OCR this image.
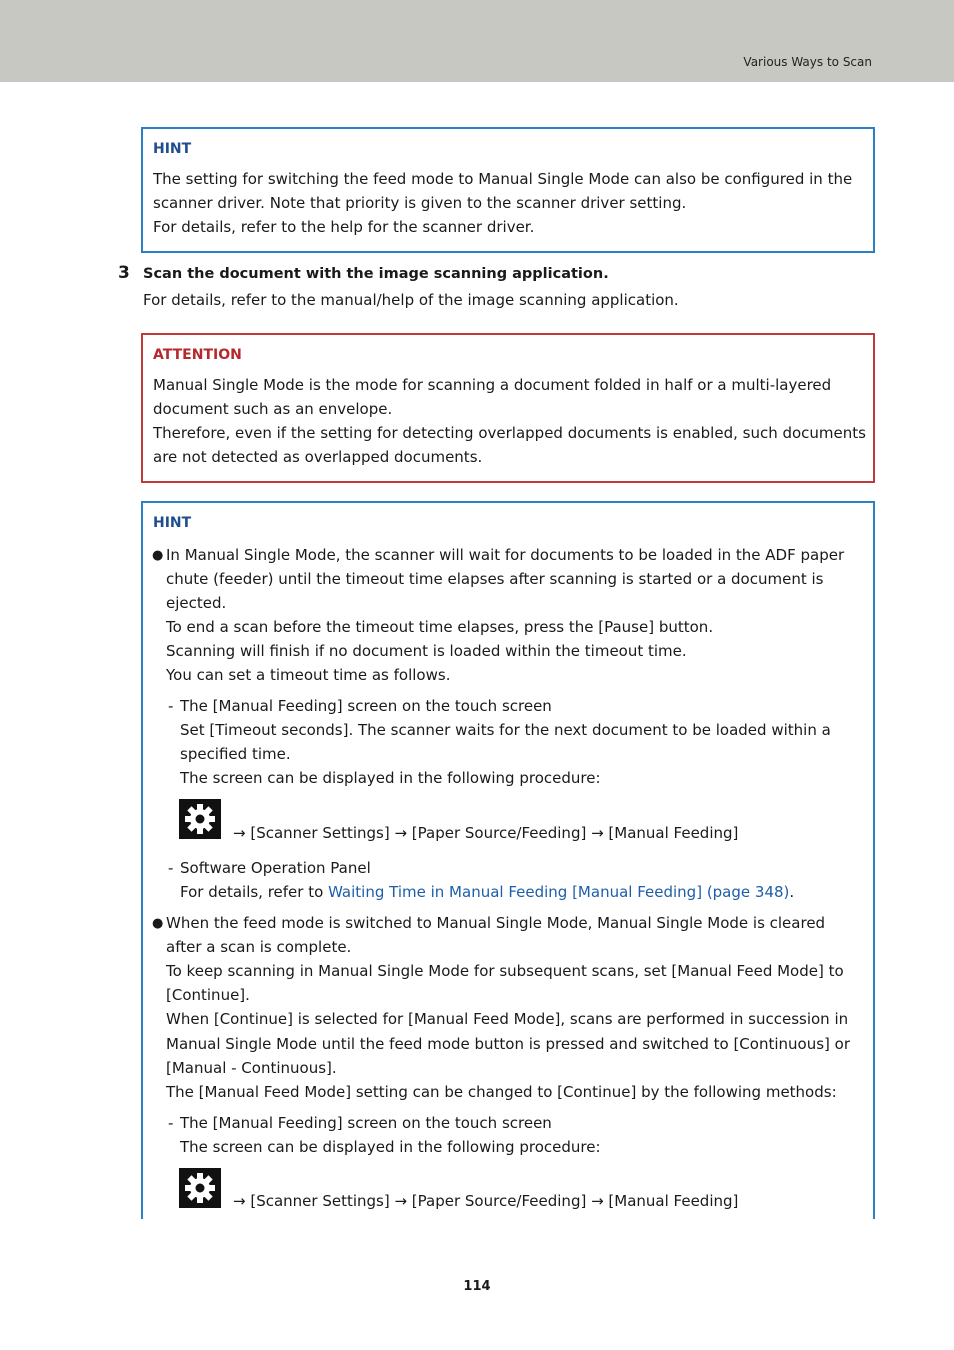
Various Ways to Scan
HINT
The setting for switching the feed mode to Manual Single Mode can also be configured in the
scanner driver. Note that priority is given to the scanner driver setting.
For details, refer to the help for the scanner driver.
3 Scan the document with the image scanning application.
For details, refer to the manual/help of the image scanning application.
ATTENTION
Manual Single Mode is the mode for scanning a document folded in half or a multi-layered
document such as an envelope.
Therefore, even if the setting for detecting overlapped documents is enabled, such documents
are not detected as overlapped documents.
HINT
● In Manual Single Mode, the scanner will wait for documents to be loaded in the ADF paper
chute (feeder) until the timeout time elapses after scanning is started or a document is
ejected.
To end a scan before the timeout time elapses, press the [Pause] button.
Scanning will finish if no document is loaded within the timeout time.
You can set a timeout time as follows.
- The [Manual Feeding] screen on the touch screen
Set [Timeout seconds]. The scanner waits for the next document to be loaded within a
specified time.
The screen can be displayed in the following procedure:
→ [Scanner Settings] → [Paper Source/Feeding] → [Manual Feeding]
- Software Operation Panel
For details, refer to Waiting Time in Manual Feeding [Manual Feeding] (page 348).
● When the feed mode is switched to Manual Single Mode, Manual Single Mode is cleared
after a scan is complete.
To keep scanning in Manual Single Mode for subsequent scans, set [Manual Feed Mode] to
[Continue].
When [Continue] is selected for [Manual Feed Mode], scans are performed in succession in
Manual Single Mode until the feed mode button is pressed and switched to [Continuous] or
[Manual - Continuous].
The [Manual Feed Mode] setting can be changed to [Continue] by the following methods:
- The [Manual Feeding] screen on the touch screen
The screen can be displayed in the following procedure:
→ [Scanner Settings] → [Paper Source/Feeding] → [Manual Feeding]
114
